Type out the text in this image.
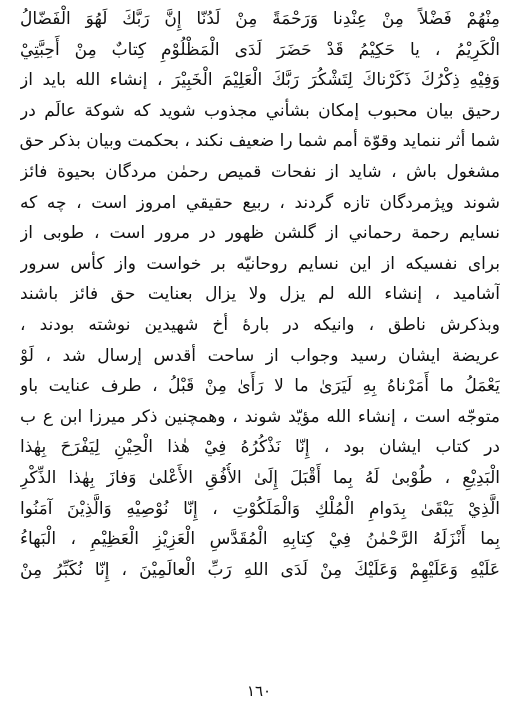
مِنْهُمْ فَضْلاً مِنْ عِنْدِنا وَرَحْمَةً مِنْ لَدُنّا إِنَّ رَبَّكَ لَهُوَ الْفَضّالُ
الْكَرِيْمُ ، يا حَكِيْمُ قَدْ حَضَرَ لَدَى الْمَظْلُوْمِ كِتابٌ مِنْ أَحِبَّتِيْ
وَفِيْهِ ذِكْرُكَ ذَكَرْناكَ لِتَشْكُرَ رَبَّكَ الْعَلِيْمَ الْخَبِيْرَ ، إنشاء الله بايد از
رحيق بيان محبوب إمكان بشأني مجذوب شويد كه شوكة عالَم در
شما أثر ننمايد وقوّة أمم شما را ضعيف نكند ، بحكمت وبيان بذكر حق
مشغول باش ، شايد از نفحات قميص رحمٰن مردگان بحيوة فائز
شوند وپژمردگان تازه گردند ، ربيع حقيقي امروز است ، چه كه
نسايم رحمة رحماني از گلشن ظهور در مرور است ، طوبى از
براى نفسيكه از اين نسايم روحانيّه بر خواست واز كأس سرور
آشاميد ، إنشاء الله لم يزل ولا يزال بعنايت حق فائز باشند
وبذكرش ناطق ، وانيكه در بارهٔ أخ شهيدين نوشته بودند ،
عريضة ايشان رسيد وجواب از ساحت أقدس إرسال شد ، لَوْ
يَعْمَلُ ما أَمَرْناهُ بِهِ لَيَرَىٰ ما لا رَأَىٰ مِنْ قَبْلُ ، طرف عنايت باو
متوجّه است ، إنشاء الله مؤيّد شوند ، وهمچنين ذكر ميرزا ابن ع ب
در كتاب ايشان بود ، إِنّا نَذْكُرُهُ فِيْ هٰذا الْحِيْنِ لِيَفْرَحَ بِهٰذا
الْبَدِيْعِ ، طُوْبىٰ لَهُ بِما أَقْبَلَ إِلَىٰ الأُفُقِ الأَعْلىٰ وَفازَ بِهٰذا الذِّكْرِ
الَّذِيْ يَبْقَىٰ بِدَوامِ الْمُلْكِ وَالْمَلَكُوْتِ ، إِنّا نُوْصِيْهِ وَالَّذِيْنَ آمَنُوا
بِما أَنْزَلَهُ الرَّحْمٰنُ فِيْ كِتابِهِ الْمُقَدَّسِ الْعَزِيْزِ الْعَظِيْمِ ، الْبَهاءُ
عَلَيْهِ وَعَلَيْهِمْ وَعَلَيْكَ مِنْ لَدَى اللهِ رَبِّ الْعالَمِيْنَ ، إِنّا نُكَبِّرُ مِنْ
١٦٠
